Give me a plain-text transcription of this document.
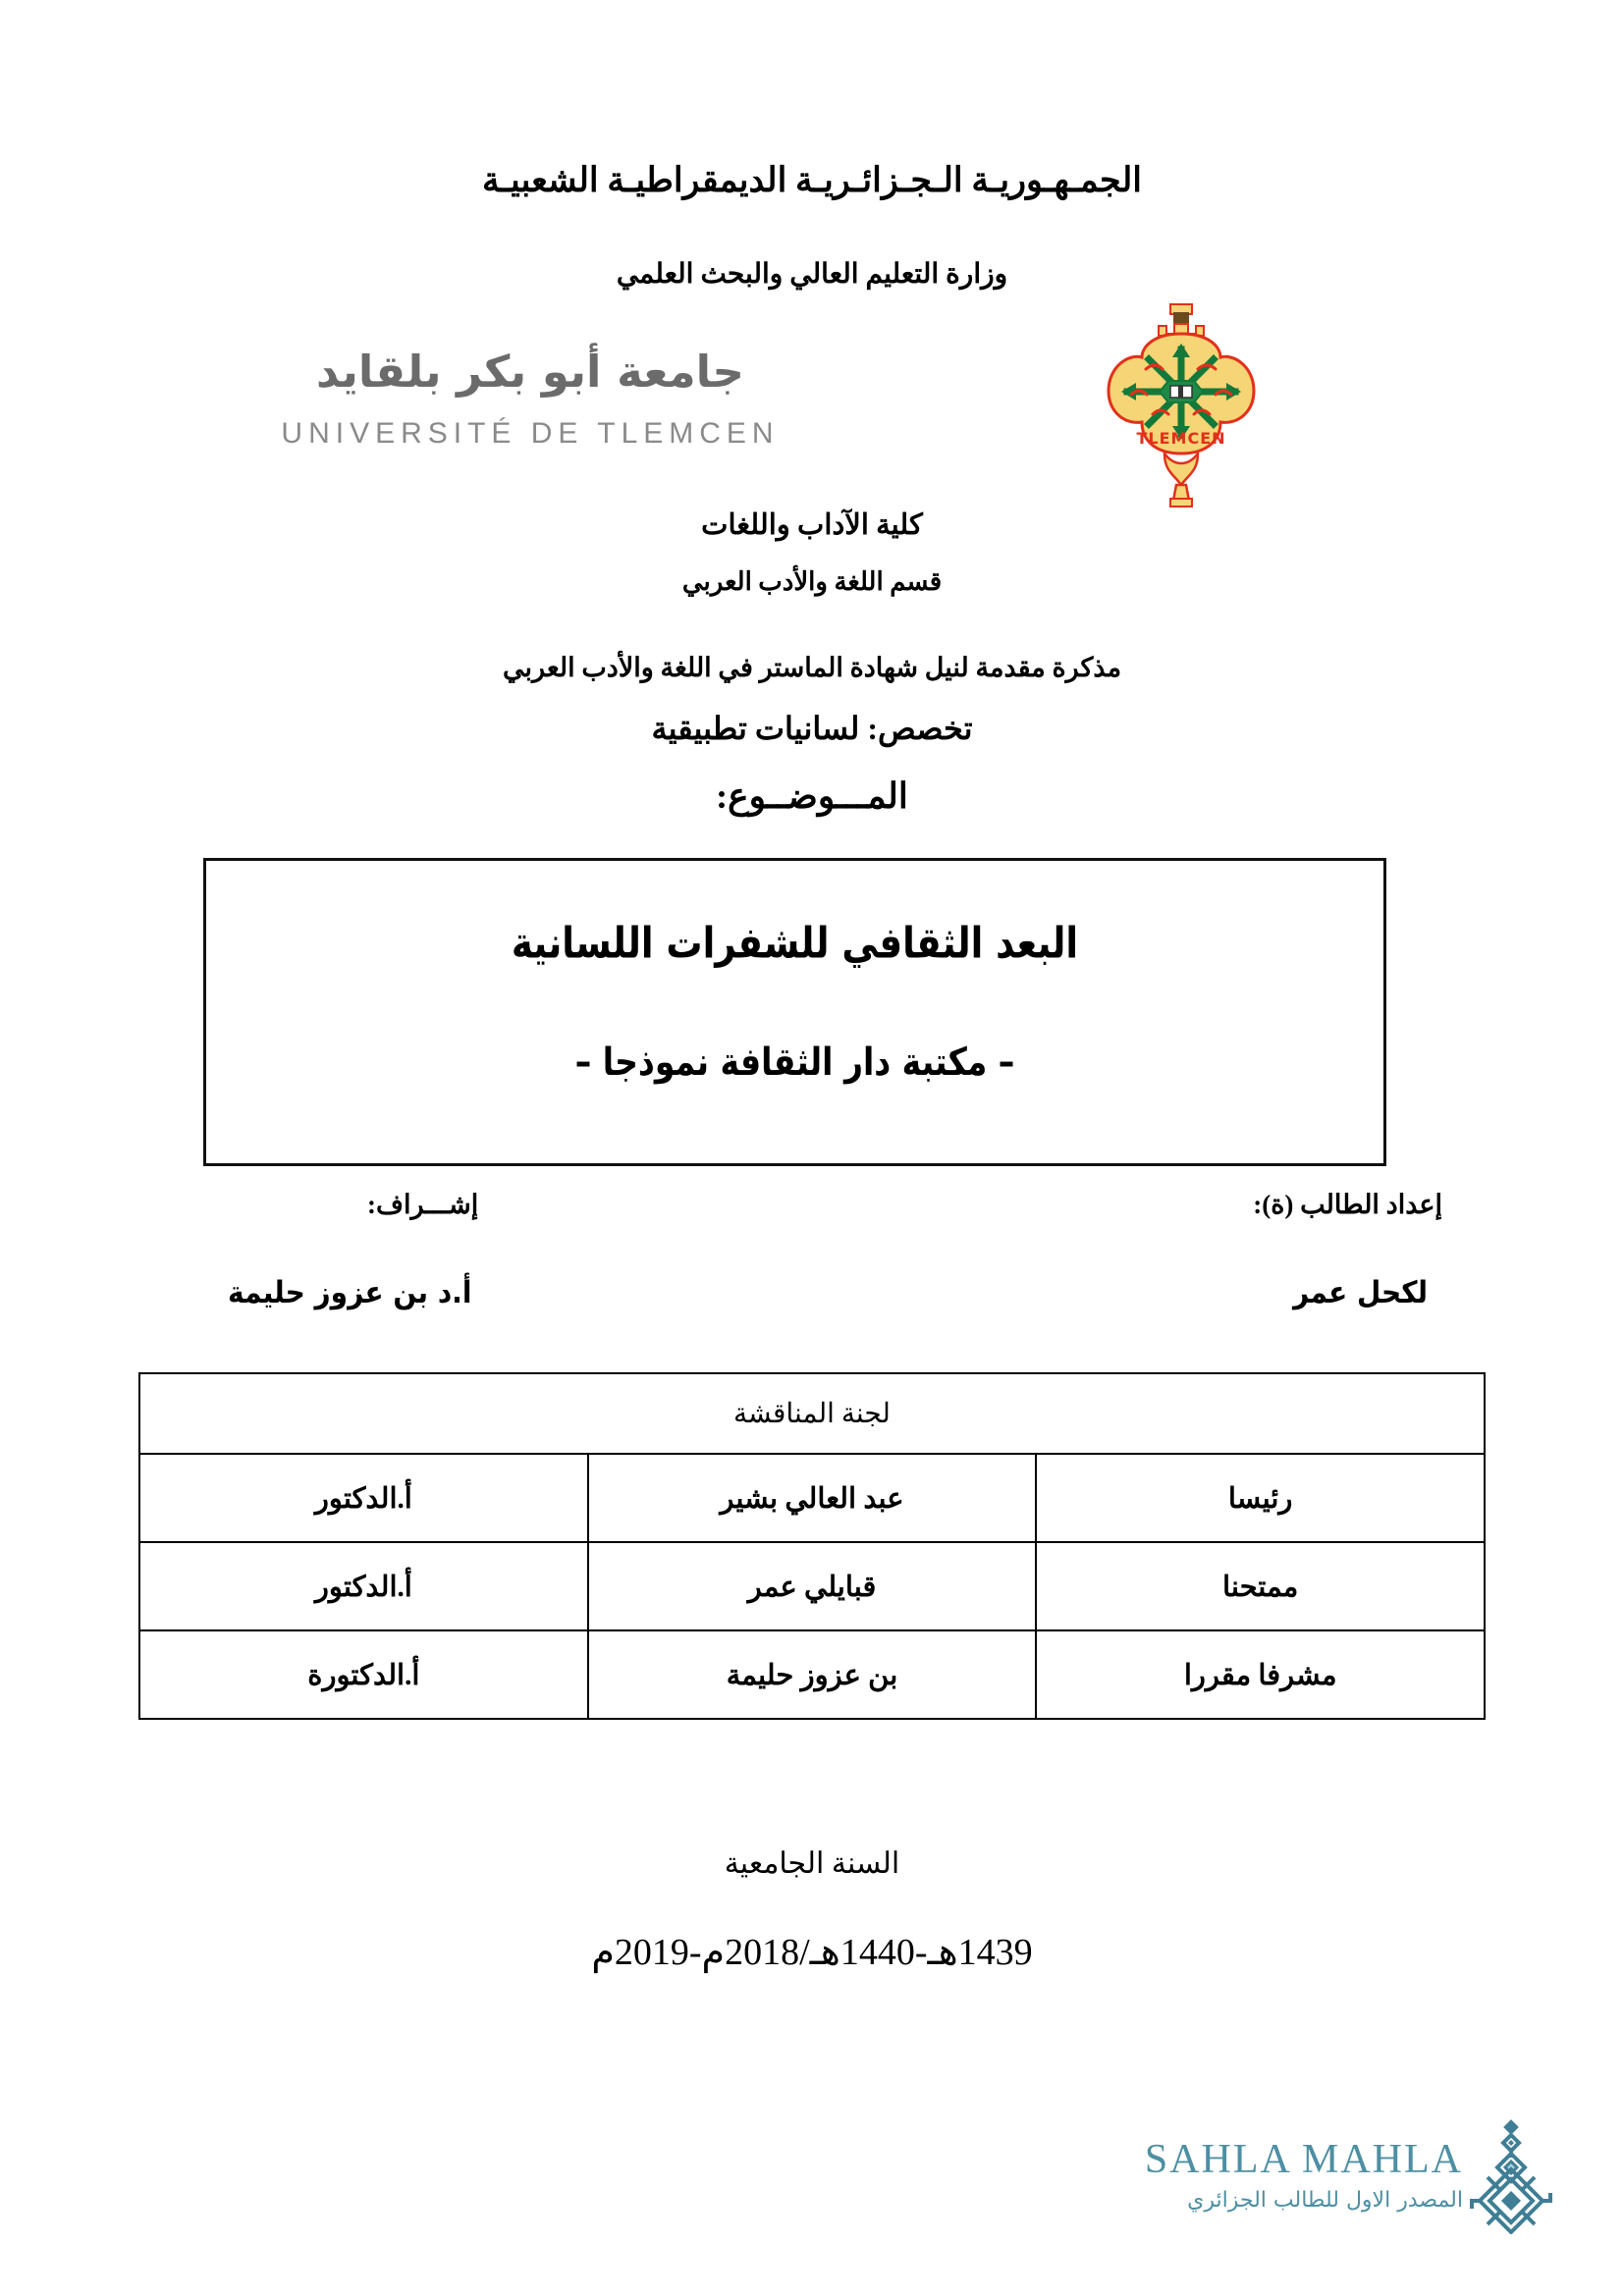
الجمـهـوريـة الـجـزائـريـة الديمقراطيـة الشعبيـة
وزارة التعليم العالي والبحث العلمي
جامعة أبو بكر بلقايد
UNIVERSITÉ DE TLEMCEN	TLEMCEN
كلية الآداب واللغات
قسم اللغة والأدب العربي
مذكرة مقدمة لنيل شهادة الماستر في اللغة والأدب العربي
تخصص: لسانيات تطبيقية
المـــوضــوع:
البعد الثقافي للشفرات اللسانية
– مكتبة دار الثقافة نموذجا –
إعداد الطالب (ة):
إشـــراف:
لكحل عمر
أ.د بن عزوز حليمة
لجنة المناقشة		
رئيسا	عبد العالي بشير	أ.الدكتور
ممتحنا	قبايلي عمر	أ.الدكتور
مشرفا مقررا	بن عزوز حليمة	أ.الدكتورة
السنة الجامعية
1439هـ-1440هـ/2018م-2019م
SAHLA MAHLA
المصدر الاول للطالب الجزائري
